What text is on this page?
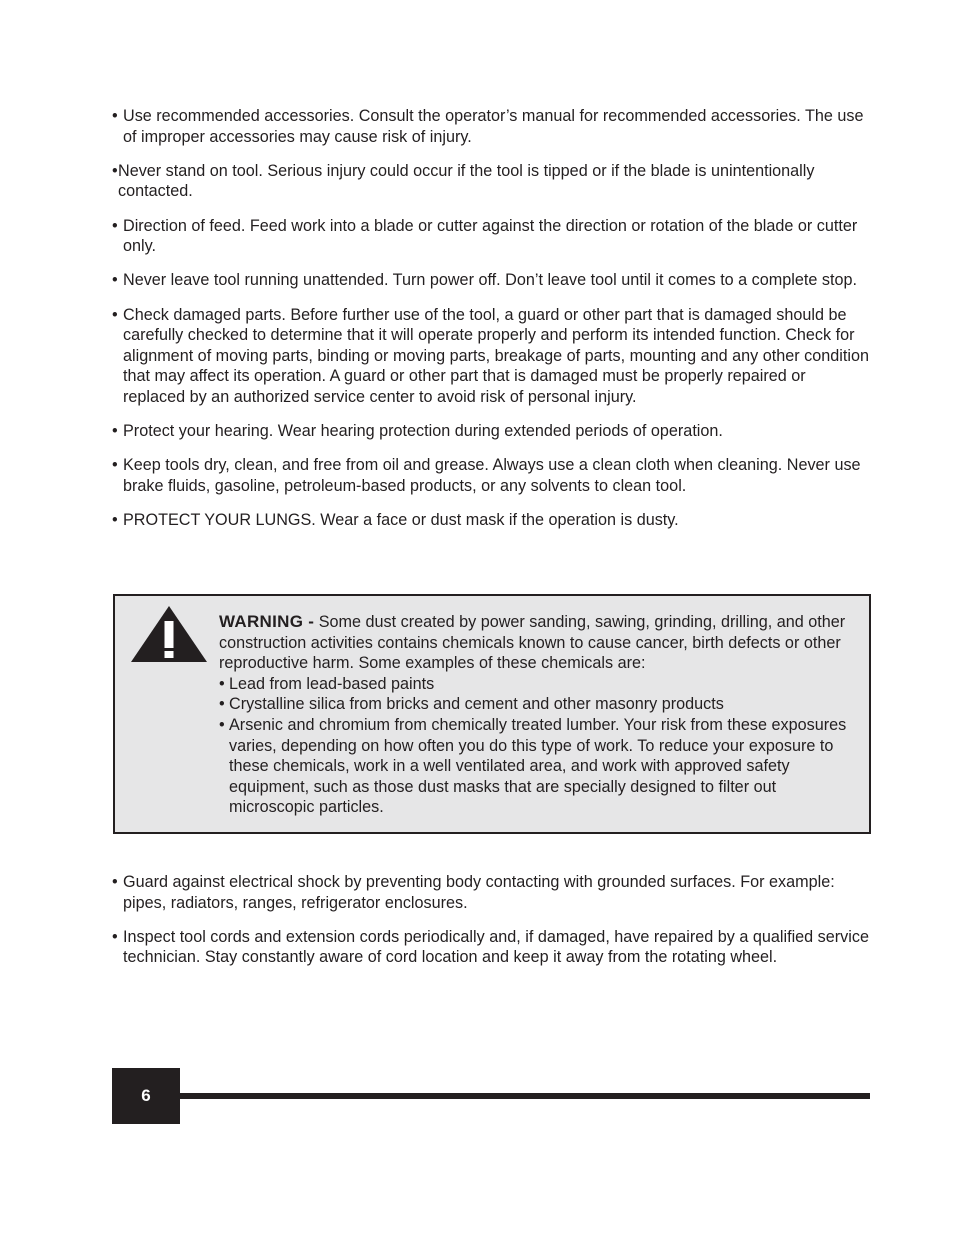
• Use recommended accessories. Consult the operator’s manual for recommended accessories. The use of improper accessories may cause risk of injury.
• Never stand on tool. Serious injury could occur if the tool is tipped or if the blade is unintentionally contacted.
• Direction of feed. Feed work into a blade or cutter against the direction or rotation of the blade or cutter only.
• Never leave tool running unattended. Turn power off. Don’t leave tool until it comes to a complete stop.
• Check damaged parts. Before further use of the tool, a guard or other part that is damaged should be carefully checked to determine that it will operate properly and perform its intended function. Check for alignment of moving parts, binding or moving parts, breakage of parts, mounting and any other condition that may affect its operation. A guard or other part that is damaged must be properly repaired or replaced by an authorized service center to avoid risk of personal injury.
• Protect your hearing. Wear hearing protection during extended periods of operation.
• Keep tools dry, clean, and free from oil and grease. Always use a clean cloth when cleaning. Never use brake fluids, gasoline, petroleum-based products, or any solvents to clean tool.
• PROTECT YOUR LUNGS. Wear a face or dust mask if the operation is dusty.
WARNING - Some dust created by power sanding, sawing, grinding, drilling, and other construction activities contains chemicals known to cause cancer, birth defects or other reproductive harm. Some examples of these chemicals are:
• Lead from lead-based paints
• Crystalline silica from bricks and cement and other masonry products
• Arsenic and chromium from chemically treated lumber. Your risk from these exposures varies, depending on how often you do this type of work. To reduce your exposure to these chemicals, work in a well ventilated area, and work with approved safety equipment, such as those dust masks that are specially designed to filter out microscopic particles.
• Guard against electrical shock by preventing body contacting with grounded surfaces. For example: pipes, radiators, ranges, refrigerator enclosures.
• Inspect tool cords and extension cords periodically and, if damaged, have repaired by a qualified service technician. Stay constantly aware of cord location and keep it away from the rotating wheel.
6
